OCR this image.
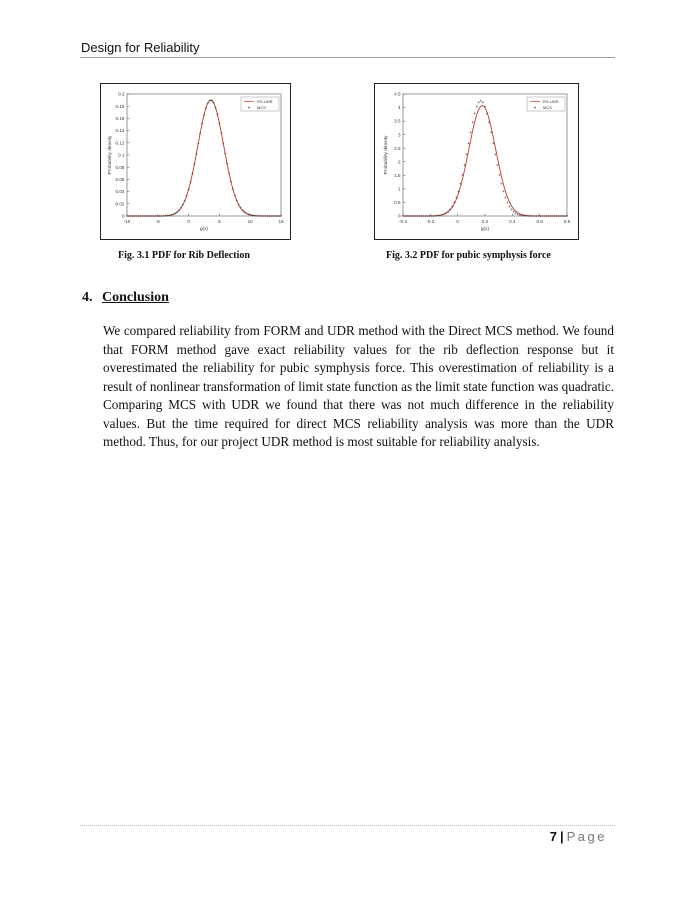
Design for Reliability
-10	-5	0	5	10	15
0
0.02
0.04
0.06
0.08
0.1
0.12
0.14
0.16
0.18
0.2
g(x)
Probability density
RS-UDR
MCS
Fig. 3.1 PDF for Rib Deflection
-0.4	-0.2	0	0.2	0.4	0.6	0.8
0
0.5
1
1.5
2
2.5
3
3.5
4
4.5
g(x)
Probability density
RS-UDR
MCS
Fig. 3.2 PDF for pubic symphysis force
4. Conclusion
We compared reliability from FORM and UDR method with the Direct MCS method. We found that FORM method gave exact reliability values for the rib deflection response but it overestimated the reliability for pubic symphysis force. This overestimation of reliability is a result of nonlinear transformation of limit state function as the limit state function was quadratic. Comparing MCS with UDR we found that there was not much difference in the reliability values. But the time required for direct MCS reliability analysis was more than the UDR method. Thus, for our project UDR method is most suitable for reliability analysis.
7 | Page
